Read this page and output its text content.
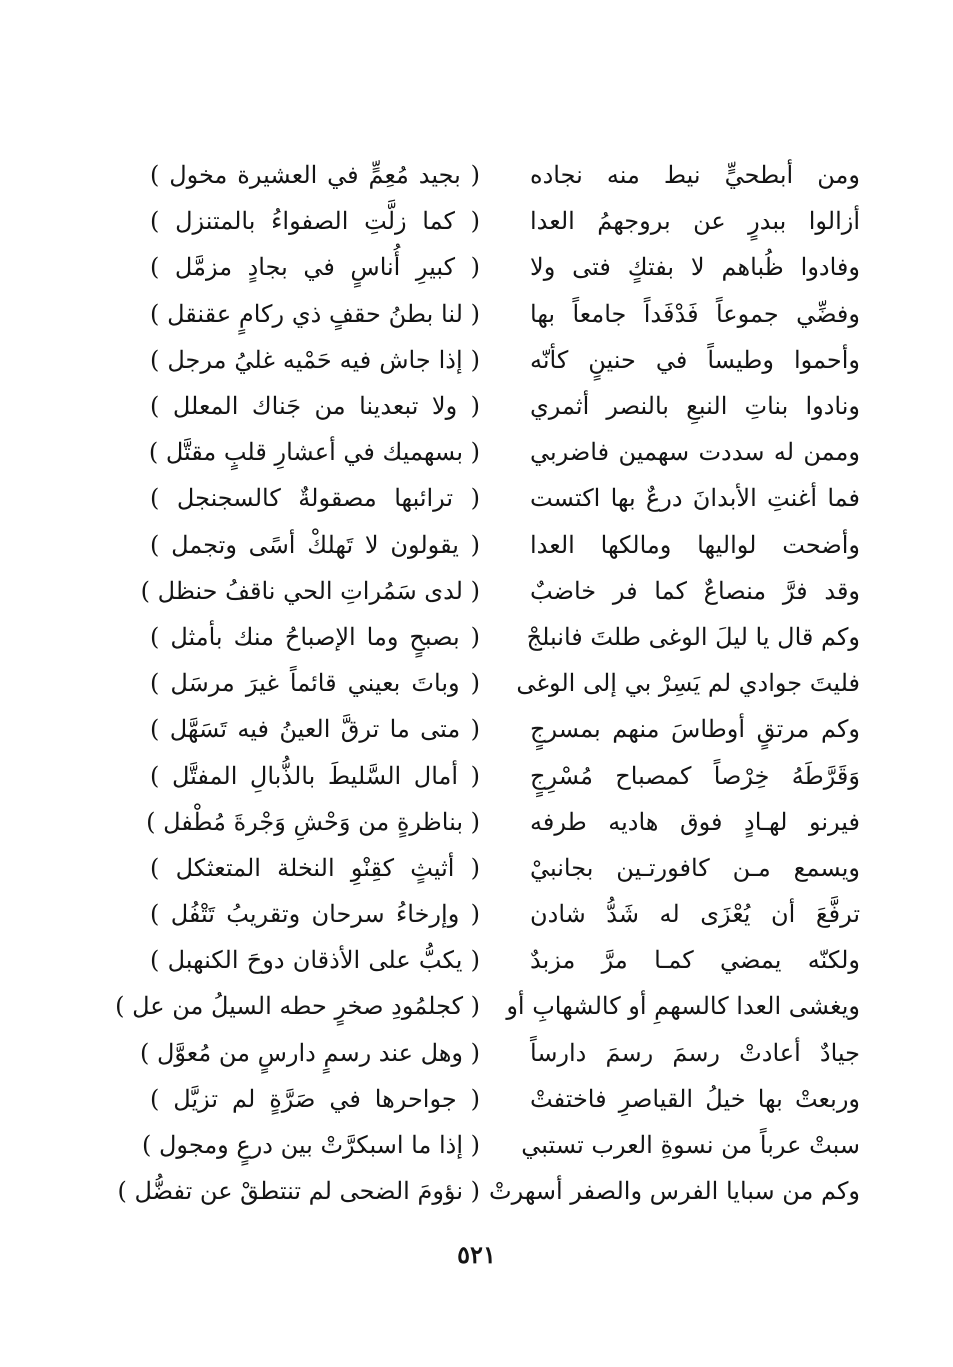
ومن أبطحيٍّ نيط منه نجاده
( بجيد مُعِمٍّ في العشيرة مخول )
أزالوا ببدرٍ عن بروجهمُ العدا
( كما زلَّتِ الصفواءُ بالمتنزل )
وفادوا ظُباهم لا بفتكٍ فتى ولا
( كبيرِ أُناسٍ في بجادٍ مزمَّل )
وفضِّي جموعاً فَدْفَداً جامعاً بها
( لنا بطنُ حقفٍ ذي ركامٍ عقنقل )
وأحموا وطيساً في حنينٍ كأنّه
( إذا جاش فيه حَمْيه غليُ مرجل )
ونادوا بناتِ النبعِ بالنصر أثمري
( ولا تبعدينا من جَناك المعلل )
وممن له سددت سهمين فاضربي
( بسهميك في أعشارِ قلبٍ مقتَّل )
فما أغنتِ الأبدانَ درعٌ بها اكتست
( ترائبها مصقولةٌ كالسجنجل )
وأضحت لواليها ومالكها العدا
( يقولون لا تَهلكْ أسًى وتجمل )
وقد فرَّ منصاعٌ كما فر خاضبٌ
( لدى سَمُراتِ الحي ناقفُ حنظل )
وكم قال يا ليلَ الوغى طلتَ فانبلجْ
( بصبحٍ وما الإصباحُ منك بأمثل )
فليتَ جوادي لم يَسِرْ بي إلى الوغى
( وباتَ بعيني قائماً غيرَ مرسَل )
وكم مرتقٍ أوطاسَ منهم بمسرجٍ
( متى ما ترقَّ العينُ فيه تَسَهَّل )
وَقَرَّطَهُ خِرْصاً كمصباح مُسْرِجٍ
( أمال السَّليطَ بالذُّبالِ المفتَّل )
فيرنو لهـادٍ فوق هاديه طرفه
( بناظرةٍ من وَحْشِ وَجْرةَ مُطْفل )
ويسمع مـن كافورتـين بجانبيْ
( أثيثٍ كقِنْوِ النخلة المتعثكل )
ترفَّعَ أن يُعْزَى له شَدُّ شادن
( وإرخاءُ سرحان وتقريبُ تَتْفُل )
ولكنّه يمضي كمـا مرَّ مزبدٌ
( يكبُّ على الأذقان دوحَ الكنهبل )
ويغشى العدا كالسهمِ أو كالشهابِ أو
( كجلمُودِ صخرٍ حطه السيلُ من عل )
جيادٌ أعادتْ رسمَ رسمَ دارساً
( وهل عند رسمٍ دارسٍ من مُعوَّل )
وربعتْ بها خيلُ القياصرِ فاختفتْ
( جواحرها في صَرَّةٍ لم تزيَّل )
سبتْ عرباً من نسوةِ العرب تستبي
( إذا ما اسبكرَّتْ بين درعٍ ومجول )
وكم من سبايا الفرس والصفر أسهرتْ
( نؤومَ الضحى لم تنتطقْ عن تفضُّل )
٥٢١
